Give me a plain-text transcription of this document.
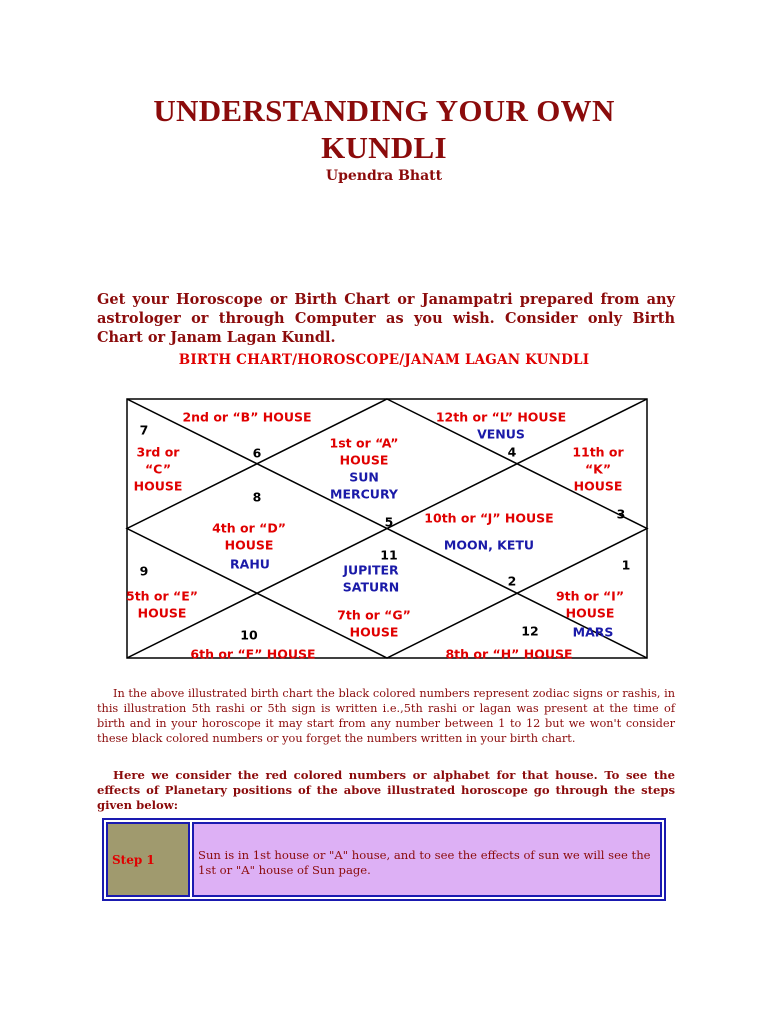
UNDERSTANDING YOUR OWN
KUNDLI
Upendra Bhatt
Get your Horoscope or Birth Chart or Janampatri prepared from any astrologer or through Computer as you wish. Consider only Birth Chart or Janam Lagan Kundl.
BIRTH CHART/HOROSCOPE/JANAM LAGAN KUNDLI
1st or “A”
HOUSE
2nd or “B” HOUSE
3rd or
“C”
HOUSE
4th or “D”
HOUSE
5th or “E”
HOUSE
6th or “F” HOUSE
7th or “G”
HOUSE
8th or “H” HOUSE
9th or “I”
HOUSE
10th or “J” HOUSE
11th or
“K”
HOUSE
12th or “L” HOUSE
SUN
MERCURY
RAHU	JUPITER
SATURN
MARS
MOON, KETU
VENUS
5
6
7
8
9
10
11
12
1
2
3
4
In the above illustrated birth chart the black colored numbers represent zodiac signs or rashis, in this illustration 5th rashi or 5th sign is written i.e.,5th rashi or lagan was present at the time of birth and in your horoscope it may start from any number between 1 to 12 but we won't consider these black colored numbers or you forget the numbers written in your birth chart.
Here we consider the red colored numbers or alphabet for that house. To see the effects of Planetary positions of the above illustrated horoscope go through the steps given below:
Step 1	Sun is in 1st house or "A" house, and to see the effects of sun we will see the 1st or "A" house of Sun page.
